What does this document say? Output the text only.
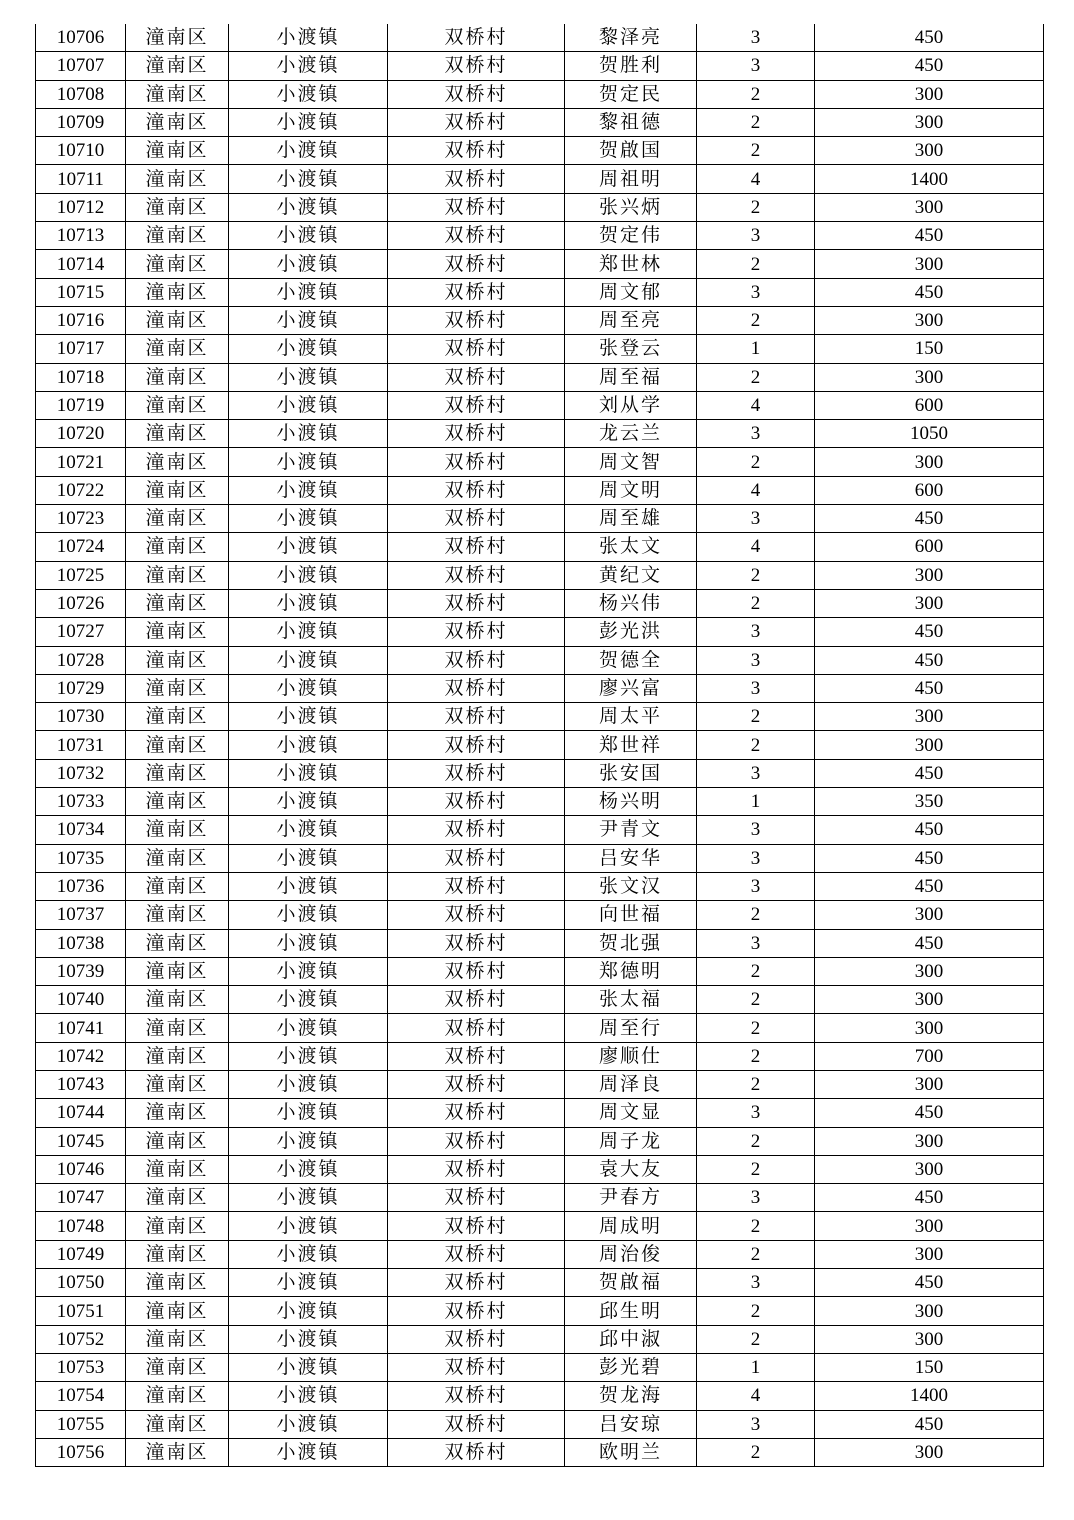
10706	潼南区	小渡镇	双桥村	黎泽亮	3	450
10707	潼南区	小渡镇	双桥村	贺胜利	3	450
10708	潼南区	小渡镇	双桥村	贺定民	2	300
10709	潼南区	小渡镇	双桥村	黎祖德	2	300
10710	潼南区	小渡镇	双桥村	贺啟国	2	300
10711	潼南区	小渡镇	双桥村	周祖明	4	1400
10712	潼南区	小渡镇	双桥村	张兴炳	2	300
10713	潼南区	小渡镇	双桥村	贺定伟	3	450
10714	潼南区	小渡镇	双桥村	郑世林	2	300
10715	潼南区	小渡镇	双桥村	周文郁	3	450
10716	潼南区	小渡镇	双桥村	周至亮	2	300
10717	潼南区	小渡镇	双桥村	张登云	1	150
10718	潼南区	小渡镇	双桥村	周至福	2	300
10719	潼南区	小渡镇	双桥村	刘从学	4	600
10720	潼南区	小渡镇	双桥村	龙云兰	3	1050
10721	潼南区	小渡镇	双桥村	周文智	2	300
10722	潼南区	小渡镇	双桥村	周文明	4	600
10723	潼南区	小渡镇	双桥村	周至雄	3	450
10724	潼南区	小渡镇	双桥村	张太文	4	600
10725	潼南区	小渡镇	双桥村	黄纪文	2	300
10726	潼南区	小渡镇	双桥村	杨兴伟	2	300
10727	潼南区	小渡镇	双桥村	彭光洪	3	450
10728	潼南区	小渡镇	双桥村	贺德全	3	450
10729	潼南区	小渡镇	双桥村	廖兴富	3	450
10730	潼南区	小渡镇	双桥村	周太平	2	300
10731	潼南区	小渡镇	双桥村	郑世祥	2	300
10732	潼南区	小渡镇	双桥村	张安国	3	450
10733	潼南区	小渡镇	双桥村	杨兴明	1	350
10734	潼南区	小渡镇	双桥村	尹青文	3	450
10735	潼南区	小渡镇	双桥村	吕安华	3	450
10736	潼南区	小渡镇	双桥村	张文汉	3	450
10737	潼南区	小渡镇	双桥村	向世福	2	300
10738	潼南区	小渡镇	双桥村	贺北强	3	450
10739	潼南区	小渡镇	双桥村	郑德明	2	300
10740	潼南区	小渡镇	双桥村	张太福	2	300
10741	潼南区	小渡镇	双桥村	周至行	2	300
10742	潼南区	小渡镇	双桥村	廖顺仕	2	700
10743	潼南区	小渡镇	双桥村	周泽良	2	300
10744	潼南区	小渡镇	双桥村	周文显	3	450
10745	潼南区	小渡镇	双桥村	周子龙	2	300
10746	潼南区	小渡镇	双桥村	袁大友	2	300
10747	潼南区	小渡镇	双桥村	尹春方	3	450
10748	潼南区	小渡镇	双桥村	周成明	2	300
10749	潼南区	小渡镇	双桥村	周治俊	2	300
10750	潼南区	小渡镇	双桥村	贺啟福	3	450
10751	潼南区	小渡镇	双桥村	邱生明	2	300
10752	潼南区	小渡镇	双桥村	邱中淑	2	300
10753	潼南区	小渡镇	双桥村	彭光碧	1	150
10754	潼南区	小渡镇	双桥村	贺龙海	4	1400
10755	潼南区	小渡镇	双桥村	吕安琼	3	450
10756	潼南区	小渡镇	双桥村	欧明兰	2	300
